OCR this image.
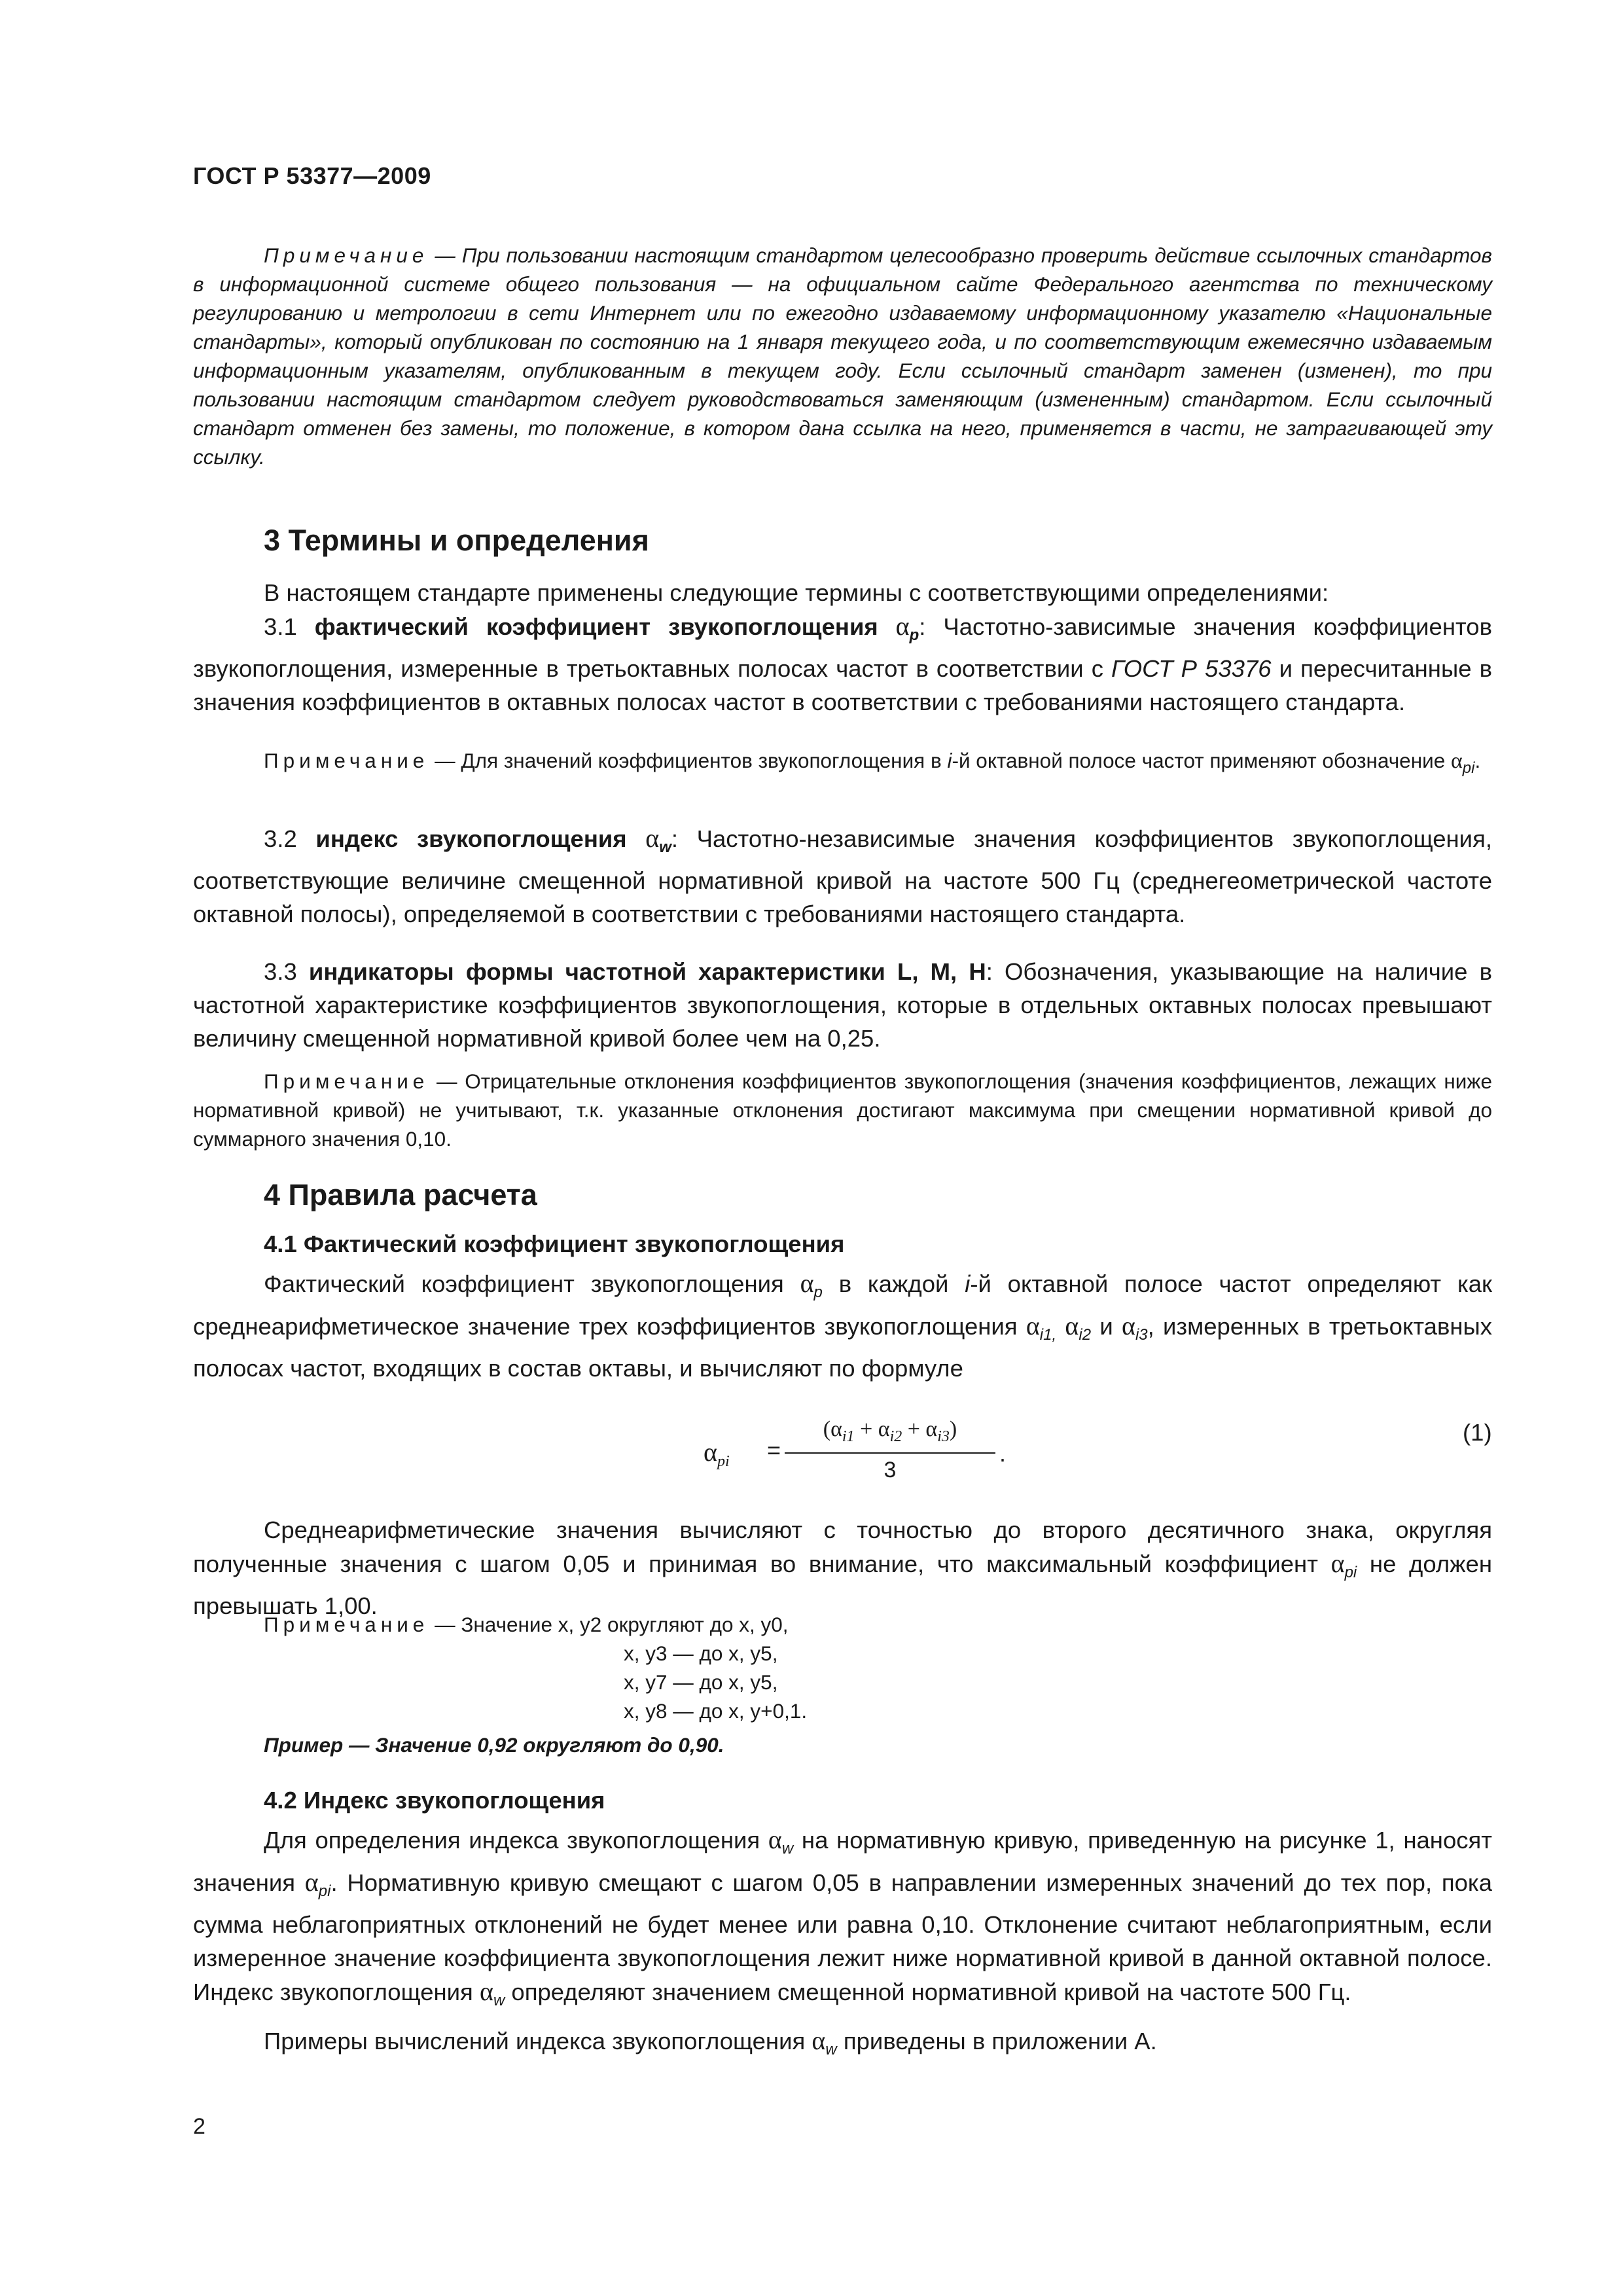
ГОСТ Р 53377—2009
Примечание — При пользовании настоящим стандартом целесообразно проверить действие ссылочных стандартов в информационной системе общего пользования — на официальном сайте Федерального агентства по техническому регулированию и метрологии в сети Интернет или по ежегодно издаваемому информационному указателю «Национальные стандарты», который опубликован по состоянию на 1 января текущего года, и по соответствующим ежемесячно издаваемым информационным указателям, опубликованным в текущем году. Если ссылочный стандарт заменен (изменен), то при пользовании настоящим стандартом следует руководствоваться заменяющим (измененным) стандартом. Если ссылочный стандарт отменен без замены, то положение, в котором дана ссылка на него, применяется в части, не затрагивающей эту ссылку.
3 Термины и определения
В настоящем стандарте применены следующие термины с соответствующими определениями:
3.1 фактический коэффициент звукопоглощения $\alpha_p$: Частотно-зависимые значения коэффициентов звукопоглощения, измеренные в третьоктавных полосах частот в соответствии с ГОСТ Р 53376 и пересчитанные в значения коэффициентов в октавных полосах частот в соответствии с требованиями настоящего стандарта.
Примечание — Для значений коэффициентов звукопоглощения в i-й октавной полосе частот применяют обозначение $\alpha_{pi}$.
3.2 индекс звукопоглощения $\alpha_w$: Частотно-независимые значения коэффициентов звукопоглощения, соответствующие величине смещенной нормативной кривой на частоте 500 Гц (среднегеометрической частоте октавной полосы), определяемой в соответствии с требованиями настоящего стандарта.
3.3 индикаторы формы частотной характеристики L, M, H: Обозначения, указывающие на наличие в частотной характеристике коэффициентов звукопоглощения, которые в отдельных октавных полосах превышают величину смещенной нормативной кривой более чем на 0,25.
Примечание — Отрицательные отклонения коэффициентов звукопоглощения (значения коэффициентов, лежащих ниже нормативной кривой) не учитывают, т.к. указанные отклонения достигают максимума при смещении нормативной кривой до суммарного значения 0,10.
4 Правила расчета
4.1 Фактический коэффициент звукопоглощения
Фактический коэффициент звукопоглощения $\alpha_p$ в каждой i-й октавной полосе частот определяют как среднеарифметическое значение трех коэффициентов звукопоглощения $\alpha_{i1,}$ $\alpha_{i2}$ и $\alpha_{i3}$, измеренных в третьоктавных полосах частот, входящих в состав октавы, и вычисляют по формуле
$\alpha_{pi}$ =
$(\alpha_{i1} + \alpha_{i2} + \alpha_{i3})$
3
.
(1)
Среднеарифметические значения вычисляют с точностью до второго десятичного знака, округляя полученные значения с шагом 0,05 и принимая во внимание, что максимальный коэффициент $\alpha_{pi}$ не должен превышать 1,00.
Примечание — Значение x, y2 округляют до x, y0,
x, y3 — до x, y5,
x, y7 — до x, y5,
x, y8 — до x, y+0,1.
Пример — Значение 0,92 округляют до 0,90.
4.2 Индекс звукопоглощения
Для определения индекса звукопоглощения $\alpha_w$ на нормативную кривую, приведенную на рисунке 1, наносят значения $\alpha_{pi}$. Нормативную кривую смещают с шагом 0,05 в направлении измеренных значений до тех пор, пока сумма неблагоприятных отклонений не будет менее или равна 0,10. Отклонение считают неблагоприятным, если измеренное значение коэффициента звукопоглощения лежит ниже нормативной кривой в данной октавной полосе. Индекс звукопоглощения $\alpha_w$ определяют значением смещенной нормативной кривой на частоте 500 Гц.
Примеры вычислений индекса звукопоглощения $\alpha_w$ приведены в приложении А.
2
